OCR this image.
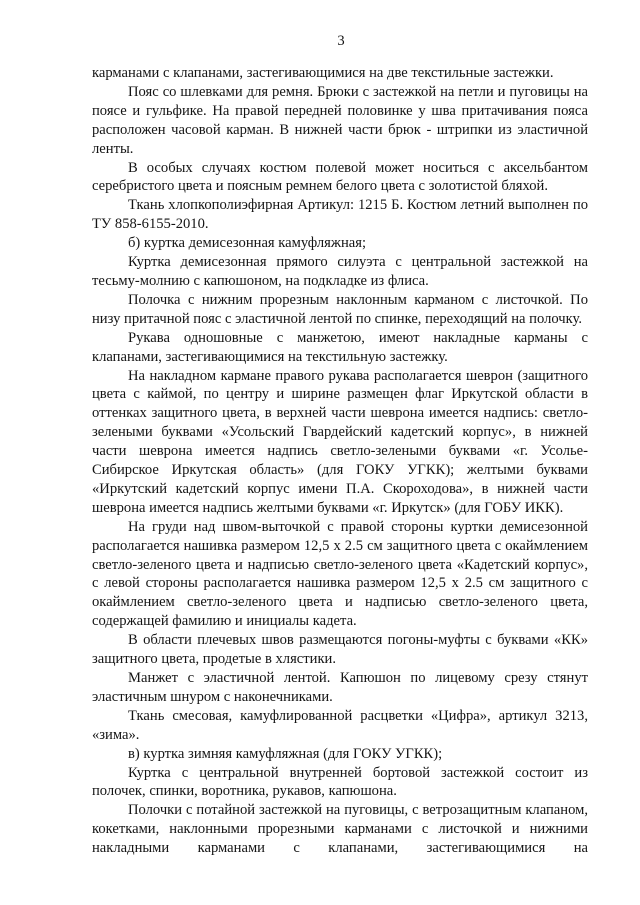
3

карманами с клапанами, застегивающимися на две текстильные застежки.

Пояс со шлевками для ремня. Брюки с застежкой на петли и пуговицы на поясе и гульфике. На правой передней половинке у шва притачивания пояса расположен часовой карман. В нижней части брюк - штрипки из эластичной ленты.

В особых случаях костюм полевой может носиться с аксельбантом серебристого цвета и поясным ремнем белого цвета с золотистой бляхой.

Ткань хлопкополиэфирная Артикул: 1215 Б. Костюм летний выполнен по ТУ 858-6155-2010.

б) куртка демисезонная камуфляжная;

Куртка демисезонная прямого силуэта с центральной застежкой на тесьму-молнию с капюшоном, на подкладке из флиса.

Полочка с нижним прорезным наклонным карманом с листочкой. По низу притачной пояс с эластичной лентой по спинке, переходящий на полочку.

Рукава одношовные с манжетою, имеют накладные карманы с клапанами, застегивающимися на текстильную застежку.

На накладном кармане правого рукава располагается шеврон (защитного цвета с каймой, по центру и ширине размещен флаг Иркутской области в оттенках защитного цвета, в верхней части шеврона имеется надпись: светло-зелеными буквами «Усольский Гвардейский кадетский корпус», в нижней части шеврона имеется надпись светло-зелеными буквами «г. Усолье-Сибирское Иркутская область» (для ГОКУ УГКК); желтыми буквами «Иркутский кадетский корпус имени П.А. Скороходова», в нижней части шеврона имеется надпись желтыми буквами «г. Иркутск» (для ГОБУ ИКК).

На груди над швом-выточкой с правой стороны куртки демисезонной располагается нашивка размером 12,5 х 2.5 см защитного цвета с окаймлением светло-зеленого цвета и надписью светло-зеленого цвета «Кадетский корпус», с левой стороны располагается нашивка размером 12,5 х 2.5 см защитного с окаймлением светло-зеленого цвета и надписью светло-зеленого цвета, содержащей фамилию и инициалы кадета.

В области плечевых швов размещаются погоны-муфты с буквами «КК» защитного цвета, продетые в хлястики.

Манжет с эластичной лентой. Капюшон по лицевому срезу стянут эластичным шнуром с наконечниками.

Ткань смесовая, камуфлированной расцветки «Цифра», артикул 3213, «зима».

в) куртка зимняя камуфляжная (для ГОКУ УГКК);

Куртка с центральной внутренней бортовой застежкой состоит из полочек, спинки, воротника, рукавов, капюшона.

Полочки с потайной застежкой на пуговицы, с ветрозащитным клапаном, кокетками, наклонными прорезными карманами с листочкой и нижними накладными карманами с клапанами, застегивающимися на
